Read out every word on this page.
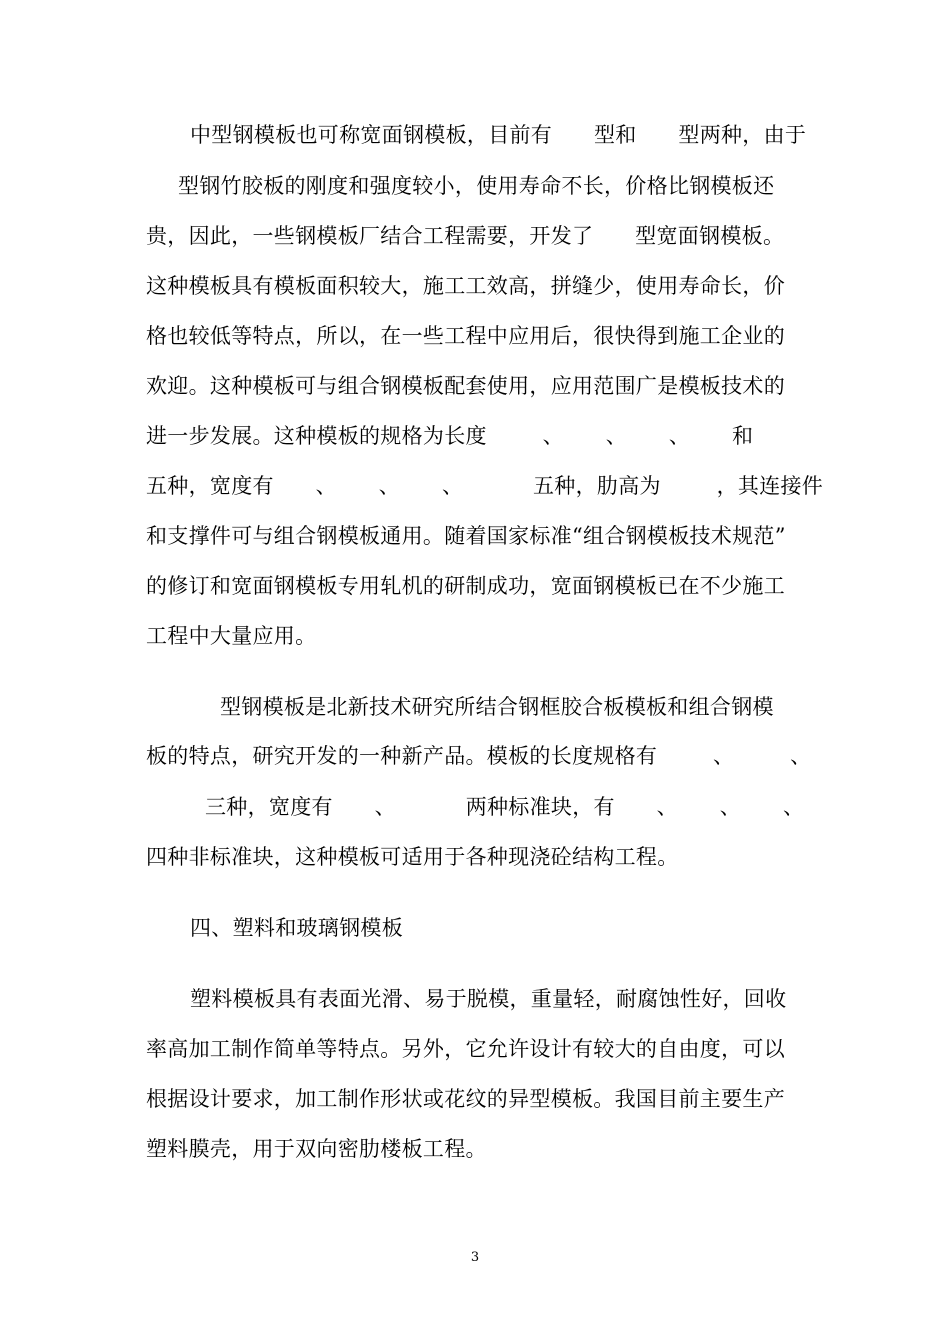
中型钢模板也可称宽面钢模板，目前有      型和      型两种，由于
型钢竹胶板的刚度和强度较小，使用寿命不长，价格比钢模板还
贵，因此，一些钢模板厂结合工程需要，开发了      型宽面钢模板。
这种模板具有模板面积较大，施工工效高，拼缝少，使用寿命长，价
格也较低等特点，所以，在一些工程中应用后，很快得到施工企业的
欢迎。这种模板可与组合钢模板配套使用，应用范围广是模板技术的
进一步发展。这种模板的规格为长度        、      、      、      和
五种，宽度有      、      、      、          五种，肋高为        ，其连接件
和支撑件可与组合钢模板通用。随着国家标准“组合钢模板技术规范”
的修订和宽面钢模板专用轧机的研制成功，宽面钢模板已在不少施工
工程中大量应用。
型钢模板是北新技术研究所结合钢框胶合板模板和组合钢模
板的特点，研究开发的一种新产品。模板的长度规格有        、        、
三种，宽度有      、          两种标准块，有      、      、      、
四种非标准块，这种模板可适用于各种现浇砼结构工程。
四、塑料和玻璃钢模板
塑料模板具有表面光滑、易于脱模，重量轻，耐腐蚀性好，回收
率高加工制作简单等特点。另外，它允许设计有较大的自由度，可以
根据设计要求，加工制作形状或花纹的异型模板。我国目前主要生产
塑料膜壳，用于双向密肋楼板工程。
3
